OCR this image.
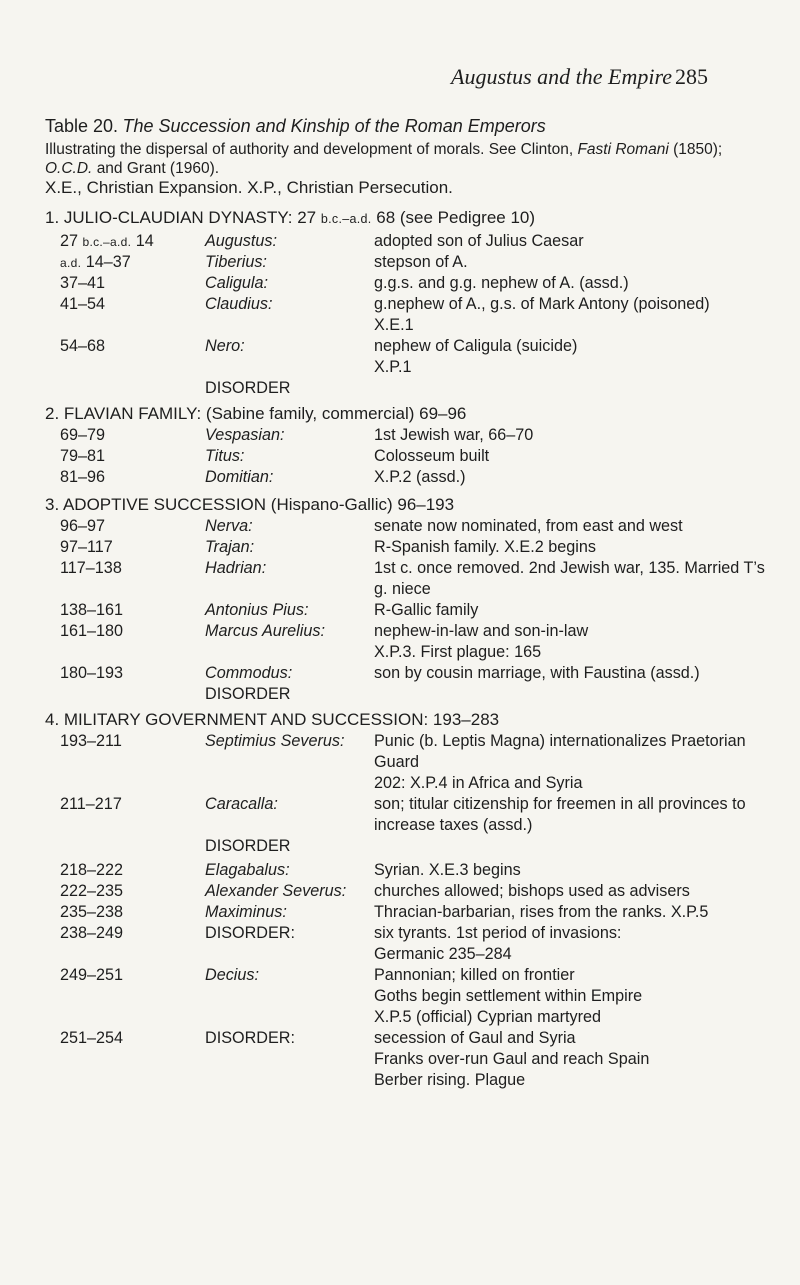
Augustus and the Empire 285
Table 20. The Succession and Kinship of the Roman Emperors
Illustrating the dispersal of authority and development of morals. See Clinton, Fasti Romani (1850); O.C.D. and Grant (1960).
X.E., Christian Expansion. X.P., Christian Persecution.
1. JULIO-CLAUDIAN DYNASTY: 27 b.c.–a.d. 68 (see Pedigree 10)
27 b.c.–a.d. 14	Augustus:	adopted son of Julius Caesar
a.d. 14–37	Tiberius:	stepson of A.
37–41	Caligula:	g.g.s. and g.g. nephew of A. (assd.)
41–54	Claudius:	g.nephew of A., g.s. of Mark Antony (poisoned)
X.E.1
54–68	Nero:	nephew of Caligula (suicide)
X.P.1
DISORDER
2. FLAVIAN FAMILY: (Sabine family, commercial) 69–96
69–79	Vespasian:	1st Jewish war, 66–70
79–81	Titus:	Colosseum built
81–96	Domitian:	X.P.2 (assd.)
3. ADOPTIVE SUCCESSION (Hispano-Gallic) 96–193
96–97	Nerva:	senate now nominated, from east and west
97–117	Trajan:	R-Spanish family. X.E.2 begins
117–138	Hadrian:	1st c. once removed. 2nd Jewish war, 135. Married T’s g. niece
138–161	Antonius Pius:	R-Gallic family
161–180	Marcus Aurelius:	nephew-in-law and son-in-law
X.P.3. First plague: 165
180–193	Commodus:	son by cousin marriage, with Faustina (assd.)
DISORDER
4. MILITARY GOVERNMENT AND SUCCESSION: 193–283
193–211	Septimius Severus:	Punic (b. Leptis Magna) internationalizes Praetorian Guard
202: X.P.4 in Africa and Syria
211–217	Caracalla:	son; titular citizenship for freemen in all provinces to increase taxes (assd.)
DISORDER
218–222	Elagabalus:	Syrian. X.E.3 begins
222–235	Alexander Severus:	churches allowed; bishops used as advisers
235–238	Maximinus:	Thracian-barbarian, rises from the ranks. X.P.5
238–249	DISORDER:	six tyrants. 1st period of invasions:
Germanic 235–284
249–251	Decius:	Pannonian; killed on frontier
Goths begin settlement within Empire
X.P.5 (official) Cyprian martyred
251–254	DISORDER:	secession of Gaul and Syria
Franks over-run Gaul and reach Spain
Berber rising. Plague
